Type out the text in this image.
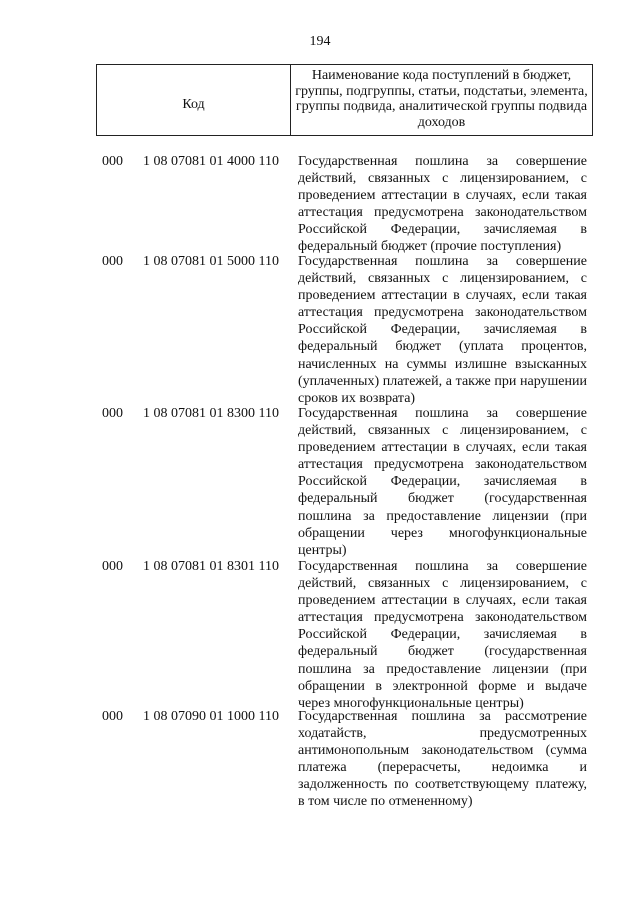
194
Код
Наименование кода поступлений в бюджет, группы, подгруппы, статьи, подстатьи, элемента, группы подвида, аналитической группы подвида доходов
000 1 08 07081 01 4000 110 Государственная пошлина за совершение действий, связанных с лицензированием, с проведением аттестации в случаях, если такая аттестация предусмотрена законодательством Российской Федерации, зачисляемая в федеральный бюджет (прочие поступления)
000 1 08 07081 01 5000 110 Государственная пошлина за совершение действий, связанных с лицензированием, с проведением аттестации в случаях, если такая аттестация предусмотрена законодательством Российской Федерации, зачисляемая в федеральный бюджет (уплата процентов, начисленных на суммы излишне взысканных (уплаченных) платежей, а также при нарушении сроков их возврата)
000 1 08 07081 01 8300 110 Государственная пошлина за совершение действий, связанных с лицензированием, с проведением аттестации в случаях, если такая аттестация предусмотрена законодательством Российской Федерации, зачисляемая в федеральный бюджет (государственная пошлина за предоставление лицензии (при обращении через многофункциональные центры)
000 1 08 07081 01 8301 110 Государственная пошлина за совершение действий, связанных с лицензированием, с проведением аттестации в случаях, если такая аттестация предусмотрена законодательством Российской Федерации, зачисляемая в федеральный бюджет (государственная пошлина за предоставление лицензии (при обращении в электронной форме и выдаче через многофункциональные центры)
000 1 08 07090 01 1000 110 Государственная пошлина за рассмотрение ходатайств, предусмотренных антимонопольным законодательством (сумма платежа (перерасчеты, недоимка и задолженность по соответствующему платежу, в том числе по отмененному)
